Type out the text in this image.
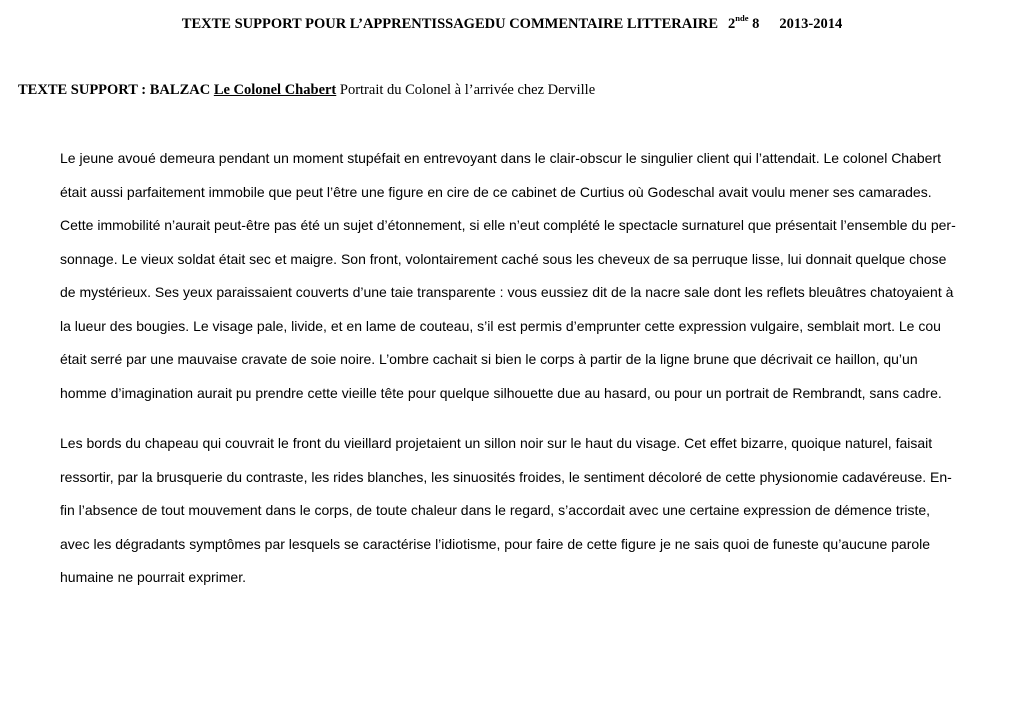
TEXTE SUPPORT POUR L’APPRENTISSAGEDU COMMENTAIRE LITTERAIRE 2nde 8 2013-2014
TEXTE SUPPORT : BALZAC Le Colonel Chabert Portrait du Colonel à l’arrivée chez Derville
Le jeune avoué demeura pendant un moment stupéfait en entrevoyant dans le clair-obscur le singulier client qui l’attendait. Le colonel Chabert
était aussi parfaitement immobile que peut l’être une figure en cire de ce cabinet de Curtius où Godeschal avait voulu mener ses camarades.
Cette immobilité n’aurait peut-être pas été un sujet d’étonnement, si elle n’eut complété le spectacle surnaturel que présentait l’ensemble du per-
sonnage. Le vieux soldat était sec et maigre. Son front, volontairement caché sous les cheveux de sa perruque lisse, lui donnait quelque chose
de mystérieux. Ses yeux paraissaient couverts d’une taie transparente : vous eussiez dit de la nacre sale dont les reflets bleuâtres chatoyaient à
la lueur des bougies. Le visage pale, livide, et en lame de couteau, s’il est permis d’emprunter cette expression vulgaire, semblait mort. Le cou
était serré par une mauvaise cravate de soie noire. L’ombre cachait si bien le corps à partir de la ligne brune que décrivait ce haillon, qu’un
homme d’imagination aurait pu prendre cette vieille tête pour quelque silhouette due au hasard, ou pour un portrait de Rembrandt, sans cadre.
Les bords du chapeau qui couvrait le front du vieillard projetaient un sillon noir sur le haut du visage. Cet effet bizarre, quoique naturel, faisait
ressortir, par la brusquerie du contraste, les rides blanches, les sinuosités froides, le sentiment décoloré de cette physionomie cadavéreuse. En-
fin l’absence de tout mouvement dans le corps, de toute chaleur dans le regard, s’accordait avec une certaine expression de démence triste,
avec les dégradants symptômes par lesquels se caractérise l’idiotisme, pour faire de cette figure je ne sais quoi de funeste qu’aucune parole
humaine ne pourrait exprimer.
